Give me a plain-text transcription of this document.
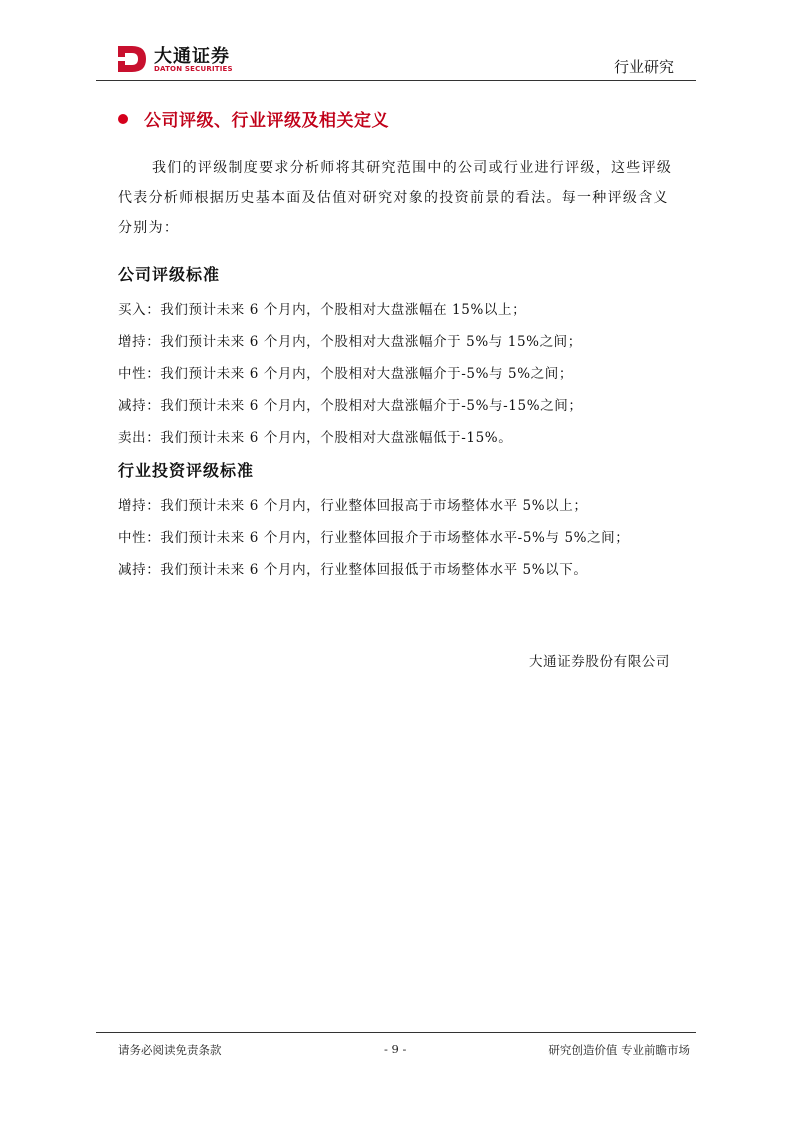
大通证券
DATON SECURITIES	行业研究
公司评级、行业评级及相关定义

我们的评级制度要求分析师将其研究范围中的公司或行业进行评级，这些评级代表分析师根据历史基本面及估值对研究对象的投资前景的看法。每一种评级含义分别为：

公司评级标准
买入：我们预计未来 6 个月内，个股相对大盘涨幅在 15%以上；
增持：我们预计未来 6 个月内，个股相对大盘涨幅介于 5%与 15%之间；
中性：我们预计未来 6 个月内，个股相对大盘涨幅介于-5%与 5%之间；
减持：我们预计未来 6 个月内，个股相对大盘涨幅介于-5%与-15%之间；
卖出：我们预计未来 6 个月内，个股相对大盘涨幅低于-15%。
行业投资评级标准
增持：我们预计未来 6 个月内，行业整体回报高于市场整体水平 5%以上；
中性：我们预计未来 6 个月内，行业整体回报介于市场整体水平-5%与 5%之间；
减持：我们预计未来 6 个月内，行业整体回报低于市场整体水平 5%以下。
大通证券股份有限公司
请务必阅读免责条款	- 9 -	研究创造价值 专业前瞻市场
